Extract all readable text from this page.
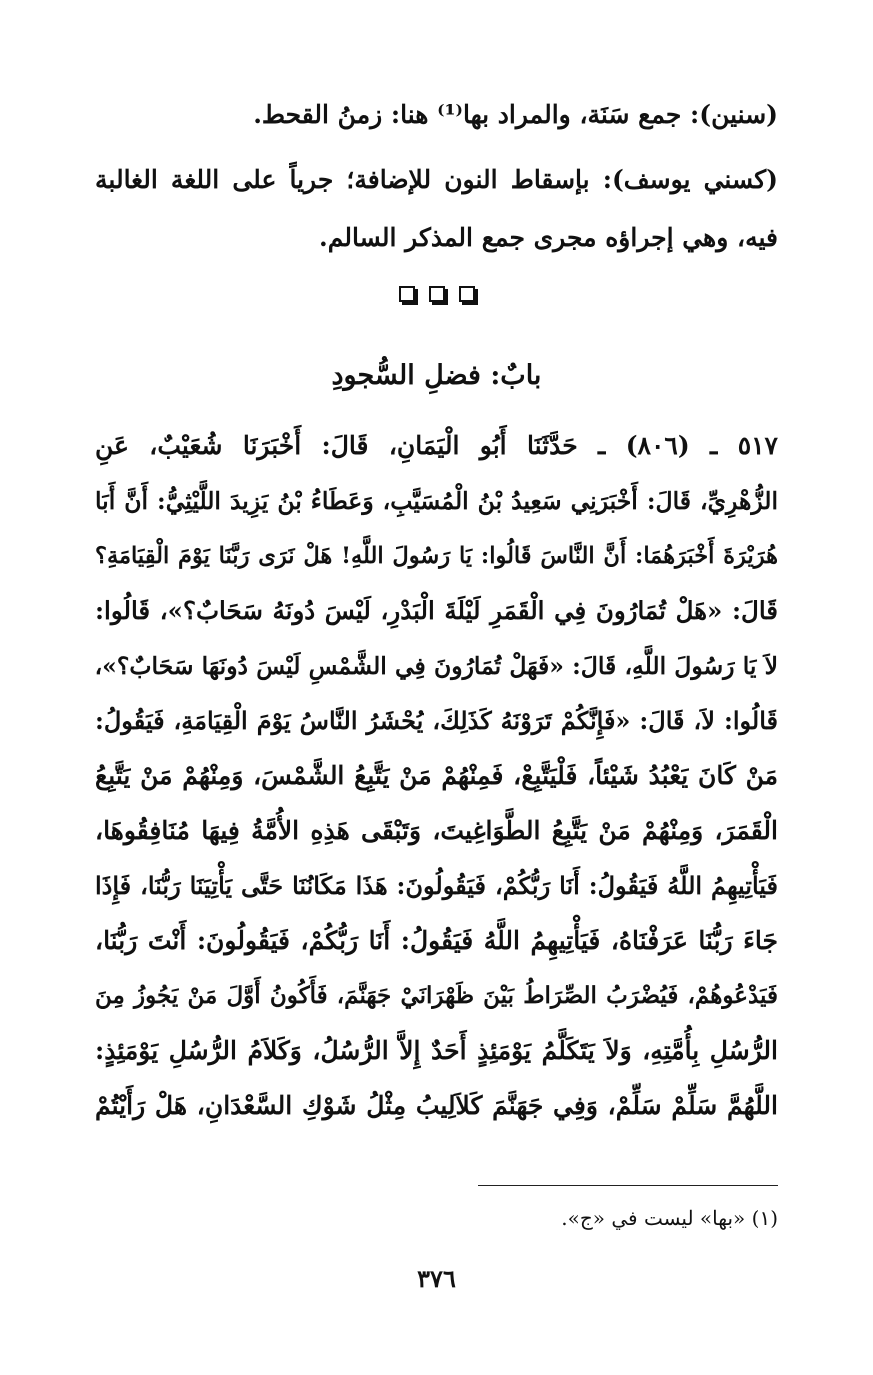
(سنين): جمع سَنَة، والمراد بها⁽¹⁾ هنا: زمنُ القحط.
(كسني يوسف): بإسقاط النون للإضافة؛ جرياً على اللغة الغالبة
فيه، وهي إجراؤه مجرى جمع المذكر السالم.
بابٌ: فضلِ السُّجودِ
٥١٧ ـ (٨٠٦) ـ حَدَّثَنَا أَبُو الْيَمَانِ، قَالَ: أَخْبَرَنَا شُعَيْبٌ، عَنِ
الزُّهْرِيِّ، قَالَ: أَخْبَرَنِي سَعِيدُ بْنُ الْمُسَيَّبِ، وَعَطَاءُ بْنُ يَزِيدَ اللَّيْثِيُّ: أَنَّ أَبَا
هُرَيْرَةَ أَخْبَرَهُمَا: أَنَّ النَّاسَ قَالُوا: يَا رَسُولَ اللَّهِ! هَلْ نَرَى رَبَّنَا يَوْمَ الْقِيَامَةِ؟
قَالَ: «هَلْ تُمَارُونَ فِي الْقَمَرِ لَيْلَةَ الْبَدْرِ، لَيْسَ دُونَهُ سَحَابٌ؟»، قَالُوا:
لاَ يَا رَسُولَ اللَّهِ، قَالَ: «فَهَلْ تُمَارُونَ فِي الشَّمْسِ لَيْسَ دُونَهَا سَحَابٌ؟»،
قَالُوا: لاَ، قَالَ: «فَإِنَّكُمْ تَرَوْنَهُ كَذَلِكَ، يُحْشَرُ النَّاسُ يَوْمَ الْقِيَامَةِ، فَيَقُولُ:
مَنْ كَانَ يَعْبُدُ شَيْئاً، فَلْيَتَّبِعْ، فَمِنْهُمْ مَنْ يَتَّبِعُ الشَّمْسَ، وَمِنْهُمْ مَنْ يَتَّبِعُ
الْقَمَرَ، وَمِنْهُمْ مَنْ يَتَّبِعُ الطَّوَاغِيتَ، وَتَبْقَى هَذِهِ الأُمَّةُ فِيهَا مُنَافِقُوهَا،
فَيَأْتِيهِمُ اللَّهُ فَيَقُولُ: أَنَا رَبُّكُمْ، فَيَقُولُونَ: هَذَا مَكَانُنَا حَتَّى يَأْتِيَنَا رَبُّنَا، فَإِذَا
جَاءَ رَبُّنَا عَرَفْنَاهُ، فَيَأْتِيهِمُ اللَّهُ فَيَقُولُ: أَنَا رَبُّكُمْ، فَيَقُولُونَ: أَنْتَ رَبُّنَا،
فَيَدْعُوهُمْ، فَيُضْرَبُ الصِّرَاطُ بَيْنَ ظَهْرَانَيْ جَهَنَّمَ، فَأَكُونُ أَوَّلَ مَنْ يَجُوزُ مِنَ
الرُّسُلِ بِأُمَّتِهِ، وَلاَ يَتَكَلَّمُ يَوْمَئِذٍ أَحَدٌ إِلاَّ الرُّسُلُ، وَكَلاَمُ الرُّسُلِ يَوْمَئِذٍ:
اللَّهُمَّ سَلِّمْ سَلِّمْ، وَفِي جَهَنَّمَ كَلاَلِيبُ مِثْلُ شَوْكِ السَّعْدَانِ، هَلْ رَأَيْتُمْ
(١) «بها» ليست في «ج».
٣٧٦
